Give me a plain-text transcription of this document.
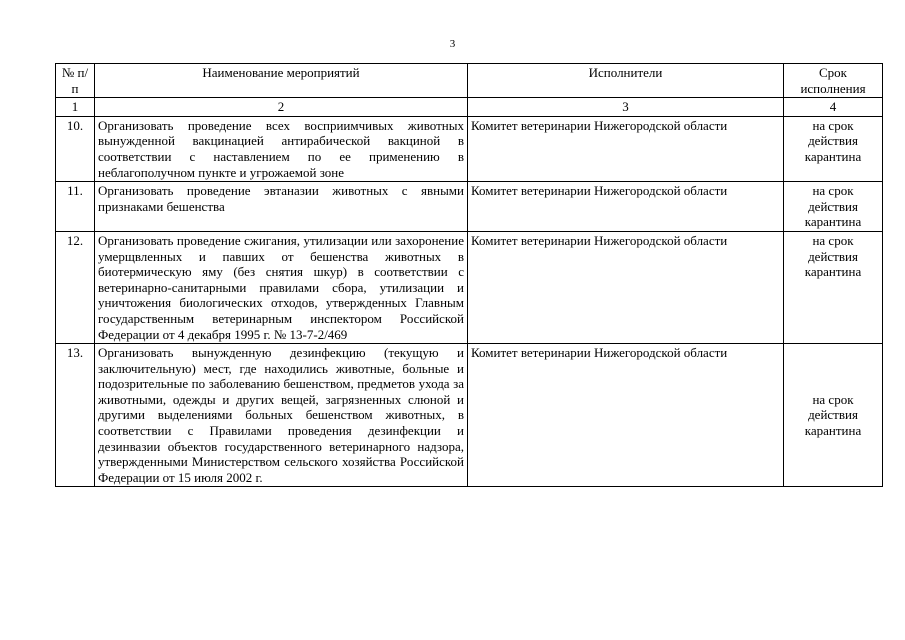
3
№ п/п	Наименование мероприятий	Исполнители	Срок исполнения
1	2	3	4
10.	Организовать проведение всех восприимчивых животных вынужденной вакцинацией антирабической вакциной в соответствии с наставлением по ее применению в неблагополучном пункте и угрожаемой зоне	Комитет ветеринарии Нижегородской области	на срок действия карантина
11.	Организовать проведение эвтаназии животных с явными признаками бешенства	Комитет ветеринарии Нижегородской области	на срок действия карантина
12.	Организовать проведение сжигания, утилизации или захоронение умерщвленных и павших от бешенства животных в биотермическую яму (без снятия шкур) в соответствии с ветеринарно-санитарными правилами сбора, утилизации и уничтожения биологических отходов, утвержденных Главным государственным ветеринарным инспектором Российской Федерации от 4 декабря 1995 г. № 13-7-2/469	Комитет ветеринарии Нижегородской области	на срок действия карантина
13.	Организовать вынужденную дезинфекцию (текущую и заключительную) мест, где находились животные, больные и подозрительные по заболеванию бешенством, предметов ухода за животными, одежды и других вещей, загрязненных слюной и другими выделениями больных бешенством животных, в соответствии с Правилами проведения дезинфекции и дезинвазии объектов государственного ветеринарного надзора, утвержденными Министерством сельского хозяйства Российской Федерации от 15 июля 2002 г.	Комитет ветеринарии Нижегородской области	на срок действия карантина
